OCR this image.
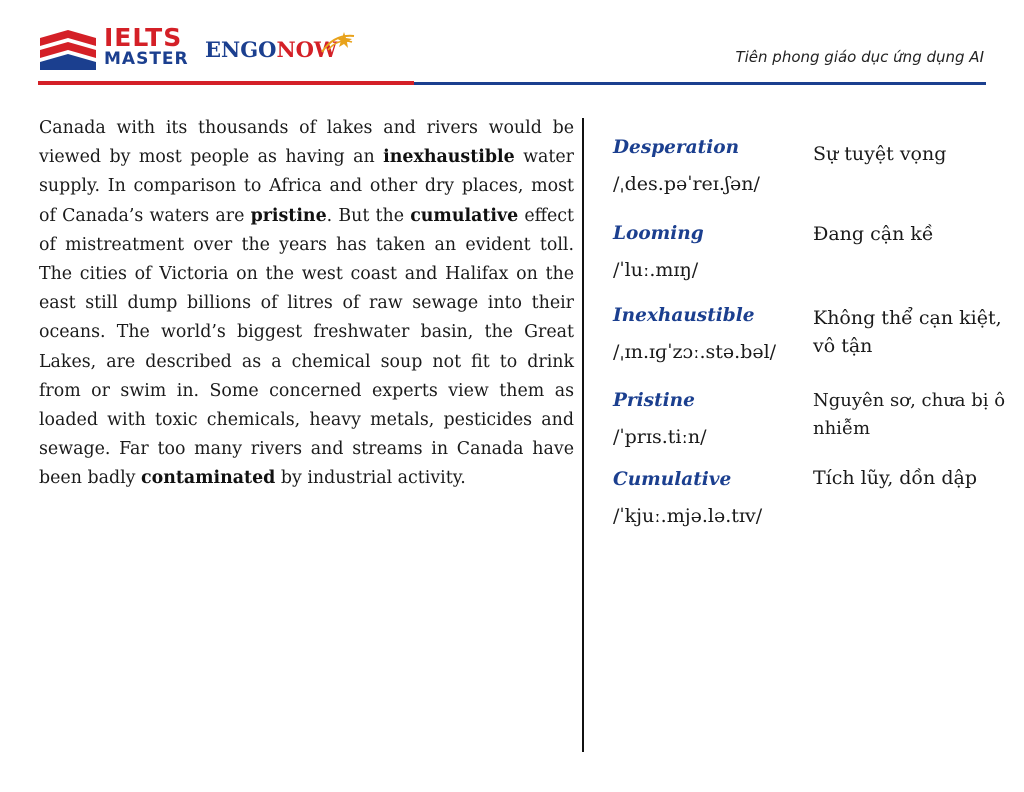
IELTS
MASTER ENGONOW	Tiên phong giáo dục ứng dụng AI
Canada with its thousands of lakes and rivers would be viewed by most people as having an inexhaustible water supply. In comparison to Africa and other dry places, most of Canada’s waters are pristine. But the cumulative effect of mistreatment over the years has taken an evident toll. The cities of Victoria on the west coast and Halifax on the east still dump billions of litres of raw sewage into their oceans. The world’s biggest freshwater basin, the Great Lakes, are described as a chemical soup not fit to drink from or swim in. Some concerned experts view them as loaded with toxic chemicals, heavy metals, pesticides and sewage. Far too many rivers and streams in Canada have been badly contaminated by industrial activity.
Desperation
/ˌdes.pəˈreɪ.ʃən/
Sự tuyệt vọng
Looming
/ˈluː.mɪŋ/
Đang cận kề
Inexhaustible
/ˌɪn.ɪɡˈzɔː.stə.bəl/
Không thể cạn kiệt, vô tận
Pristine
/ˈprɪs.tiːn/
Nguyên sơ, chưa bị ô nhiễm
Cumulative
/ˈkjuː.mjə.lə.tɪv/
Tích lũy, dồn dập
